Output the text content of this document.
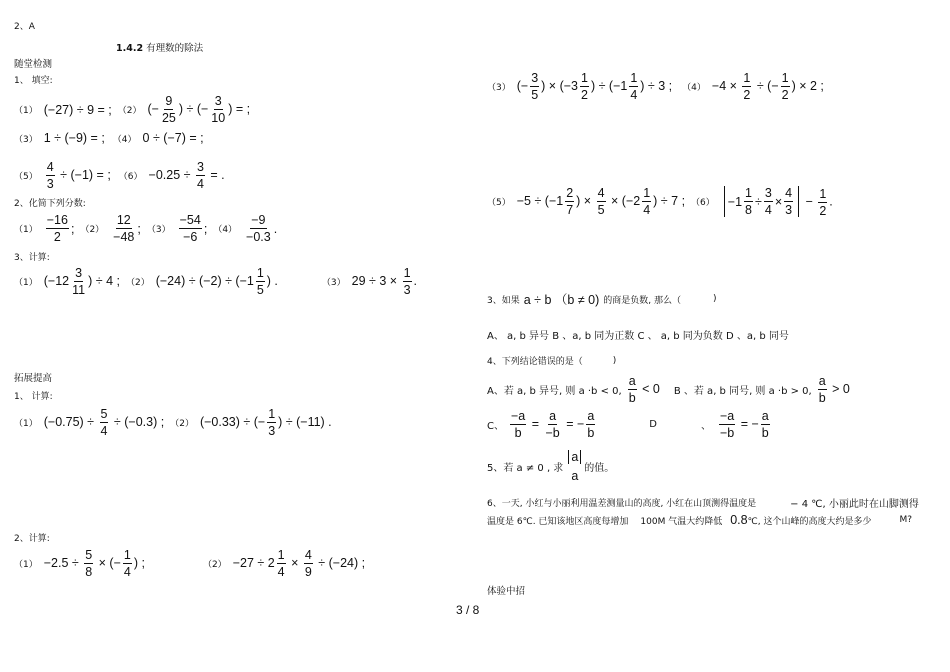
2、A
1.4.2 有理数的除法
随堂检测
1、 填空:
（1） (−27) ÷ 9 = ; （2） (− $\frac{9}{25}$ ) ÷ (− $\frac{3}{10}$ ) = ;
（3） 1 ÷ (−9) = ; （4） 0 ÷ (−7) = ;
$(5) \frac{4}{3} \div (-1)$ = ; $(6) -0.25 \div \frac{3}{4}$ = .
2、化简下列分数:
$(1) \frac{-16}{2}$ ; $(2) \frac{12}{-48}$ ; $(3) \frac{-54}{-6}$ ; $(4) \frac{-9}{-0.3}$ .
3、计算:
（1） ($-12 \frac{3}{11}$ ) ÷ 4 ; （2） $(-24) \div (-2) \div (-1 \frac{1}{5}$ ) .	（3） $29 \div 3 \times \frac{1}{3}$ .
拓展提高
1、 计算:
（1） $(-0.75) \div \frac{5}{4} \div (-0.3)$ ; （2） (−0.33) ÷ (− $\frac{1}{3}$ ) ÷ (−11) .
2、计算:
$(1) -2.5 \div \frac{5}{8}$ × (− $\frac{1}{4}$ ) ;	$(2) -27 \div 2 \frac{1}{4} \times \frac{4}{9} \div (-24)$ ;
（3） (− $\frac{3}{5}$ ) × ($-3 \frac{1}{2}$ ) ÷ ($-1 \frac{1}{4}$ ) ÷ 3 ; $(4) -4 \times \frac{1}{2}$ ÷ (− $\frac{1}{2}$ ) × 2 ;
$(5) -5 \div (-1 \frac{2}{7}$ ) × $\frac{4}{5} \times (-2 \frac{1}{4}$ ) ÷ 7 ; （6）	$-1 \frac{1}{8} \div \frac{3}{4} \times \frac{4}{3} - \frac{1}{2}$ .
3、如果 a ÷ b （b ≠ 0) 的商是负数, 那么（	)
A、 a, b 异号 B 、a, b 同为正数 C 、 a, b 同为负数 D 、a, b 同号
4、下列结论错误的是（	)
A、若 a, b 异号, 则 a ·b < 0, $\frac{a}{b} < 0$ B 、若 a, b 同号, 则 a ·b > 0, $\frac{a}{b} > 0$
C、 $\frac{-a}{b} = \frac{a}{-b}$ = − $\frac{a}{b}$	D	、 $\frac{-a}{-b}$ = − $\frac{a}{b}$
5、若 a ≠ 0 , 求
a
a
的值。
6、一天, 小红与小丽利用温差测量山的高度, 小红在山顶测得温度是	− 4 ℃, 小丽此时在山脚测得
温度是 6℃. 已知该地区高度每增加 100M 气温大约降低 0.8 ℃, 这个山峰的高度大约是多少	M?
体验中招
3 / 8
